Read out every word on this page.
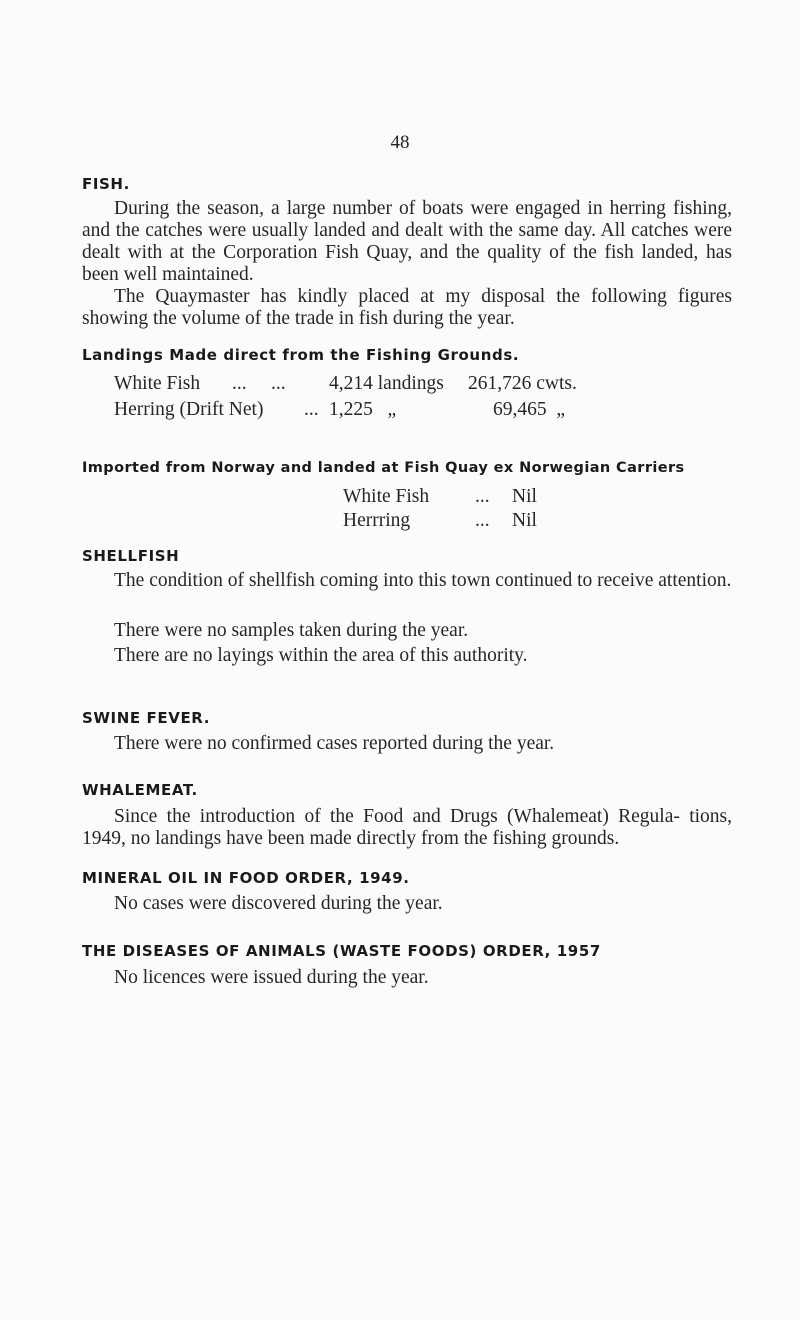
48
FISH.
During the season, a large number of boats were engaged in herring fishing, and the catches were usually landed and dealt with the same day. All catches were dealt with at the Corporation Fish Quay, and the quality of the fish landed, has been well maintained.
The Quaymaster has kindly placed at my disposal the following figures showing the volume of the trade in fish during the year.
Landings Made direct from the Fishing Grounds.
White Fish ...     ... 4,214 landings 261,726 cwts.
Herring (Drift Net) ... 1,225   „	69,465  „
Imported from Norway and landed at Fish Quay ex Norwegian Carriers
White Fish ... Nil
Herrring	... Nil
SHELLFISH
The condition of shellfish coming into this town continued to receive attention.
There were no samples taken during the year.
There are no layings within the area of this authority.
SWINE FEVER.
There were no confirmed cases reported during the year.
WHALEMEAT.
Since the introduction of the Food and Drugs (Whalemeat) Regula- tions, 1949, no landings have been made directly from the fishing grounds.
MINERAL OIL IN FOOD ORDER, 1949.
No cases were discovered during the year.
THE DISEASES OF ANIMALS (WASTE FOODS) ORDER, 1957
No licences were issued during the year.
